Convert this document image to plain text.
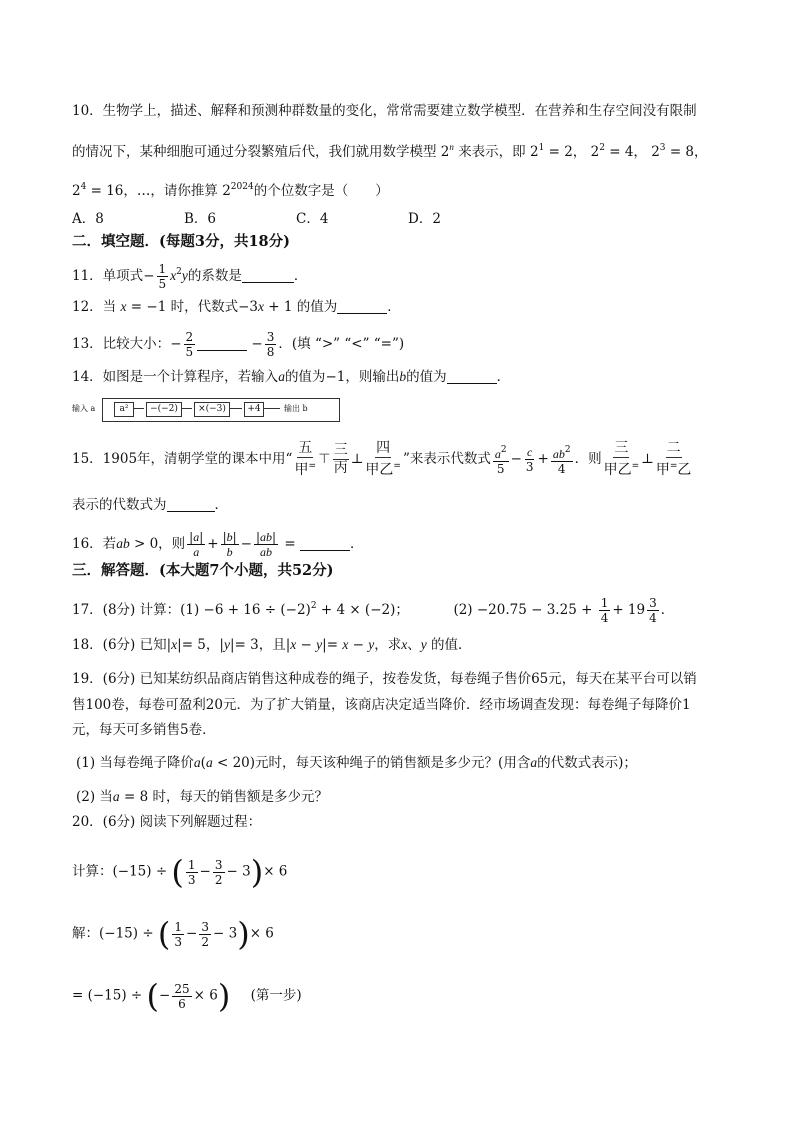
10．生物学上，描述、解释和预测种群数量的变化，常常需要建立数学模型．在营养和生存空间没有限制
的情况下，某种细胞可通过分裂繁殖后代，我们就用数学模型 2$^n$ 来表示，即 $2^1 = 2$， $2^2 = 4$， $2^3 = 8$，
$2^4 = 16$，…，请你推算 $2^{2024}$的个位数字是（　　）
A．8	B．6	C．4	D．2
二．填空题．(每题3分，共18分)
11．单项式− $\frac{1}{5} x^2y$的系数是	．
12．当 x = −1 时，代数式−3x + 1 的值为	．
13．比较大小：− $\frac{2}{5}$	− $\frac{3}{8}$ ．(填 “>” “<” “=”)
14．如图是一个计算程序，若输入a的值为−1，则输出b的值为	．
输入 a	a²	−(−2)	×(−3)	+4	输出 b
15．1905年，清朝学堂的课本中用“ $\frac{\text{五}}{甲^=}$ ⊤ $\frac{\text{三}}{\text{丙}}$ ⊥ $\frac{\text{四}}{甲乙^=}$ ”来表示代数式 $\frac{a^2}{5} - \frac{c}{3} + \frac{ab^2}{4}$ ．则 $\frac{\text{三}}{甲乙^=}$ ⊥ $\frac{\text{二}}{甲^=乙}$
表示的代数式为	．
16．若ab > 0，则 $\frac{|a|}{a} + \frac{|b|}{b} - \frac{|ab|}{ab}$ =	．
三．解答题．(本大题7个小题，共52分)
17．(8分) 计算：$(1) -6 + 16 \div (-2)^2 + 4 \times (-2)$；	$(2) -20.75 - 3.25 + \frac{1}{4} + 19 \frac{3}{4}$ ．
18．(6分) 已知|x|= 5，|y|= 3，且|x − y|= x − y，求x、y 的值．
19．(6分) 已知某纺织品商店销售这种成卷的绳子，按卷发货，每卷绳子售价65元，每天在某平台可以销
售100卷，每卷可盈利20元．为了扩大销量，该商店决定适当降价．经市场调查发现：每卷绳子每降价1
元，每天可多销售5卷．
(1) 当每卷绳子降价a(a < 20)元时，每天该种绳子的销售额是多少元？(用含a的代数式表示)；
(2) 当a = 8 时，每天的销售额是多少元？
20．(6分) 阅读下列解题过程：
计算：(−15) ÷ ( $\frac{1}{3} - \frac{3}{2} - 3)\times 6$
解：(−15) ÷ ( $\frac{1}{3} - \frac{3}{2} - 3)\times 6$
= (−15) ÷ (− $\frac{25}{6} \times 6$) (第一步)
